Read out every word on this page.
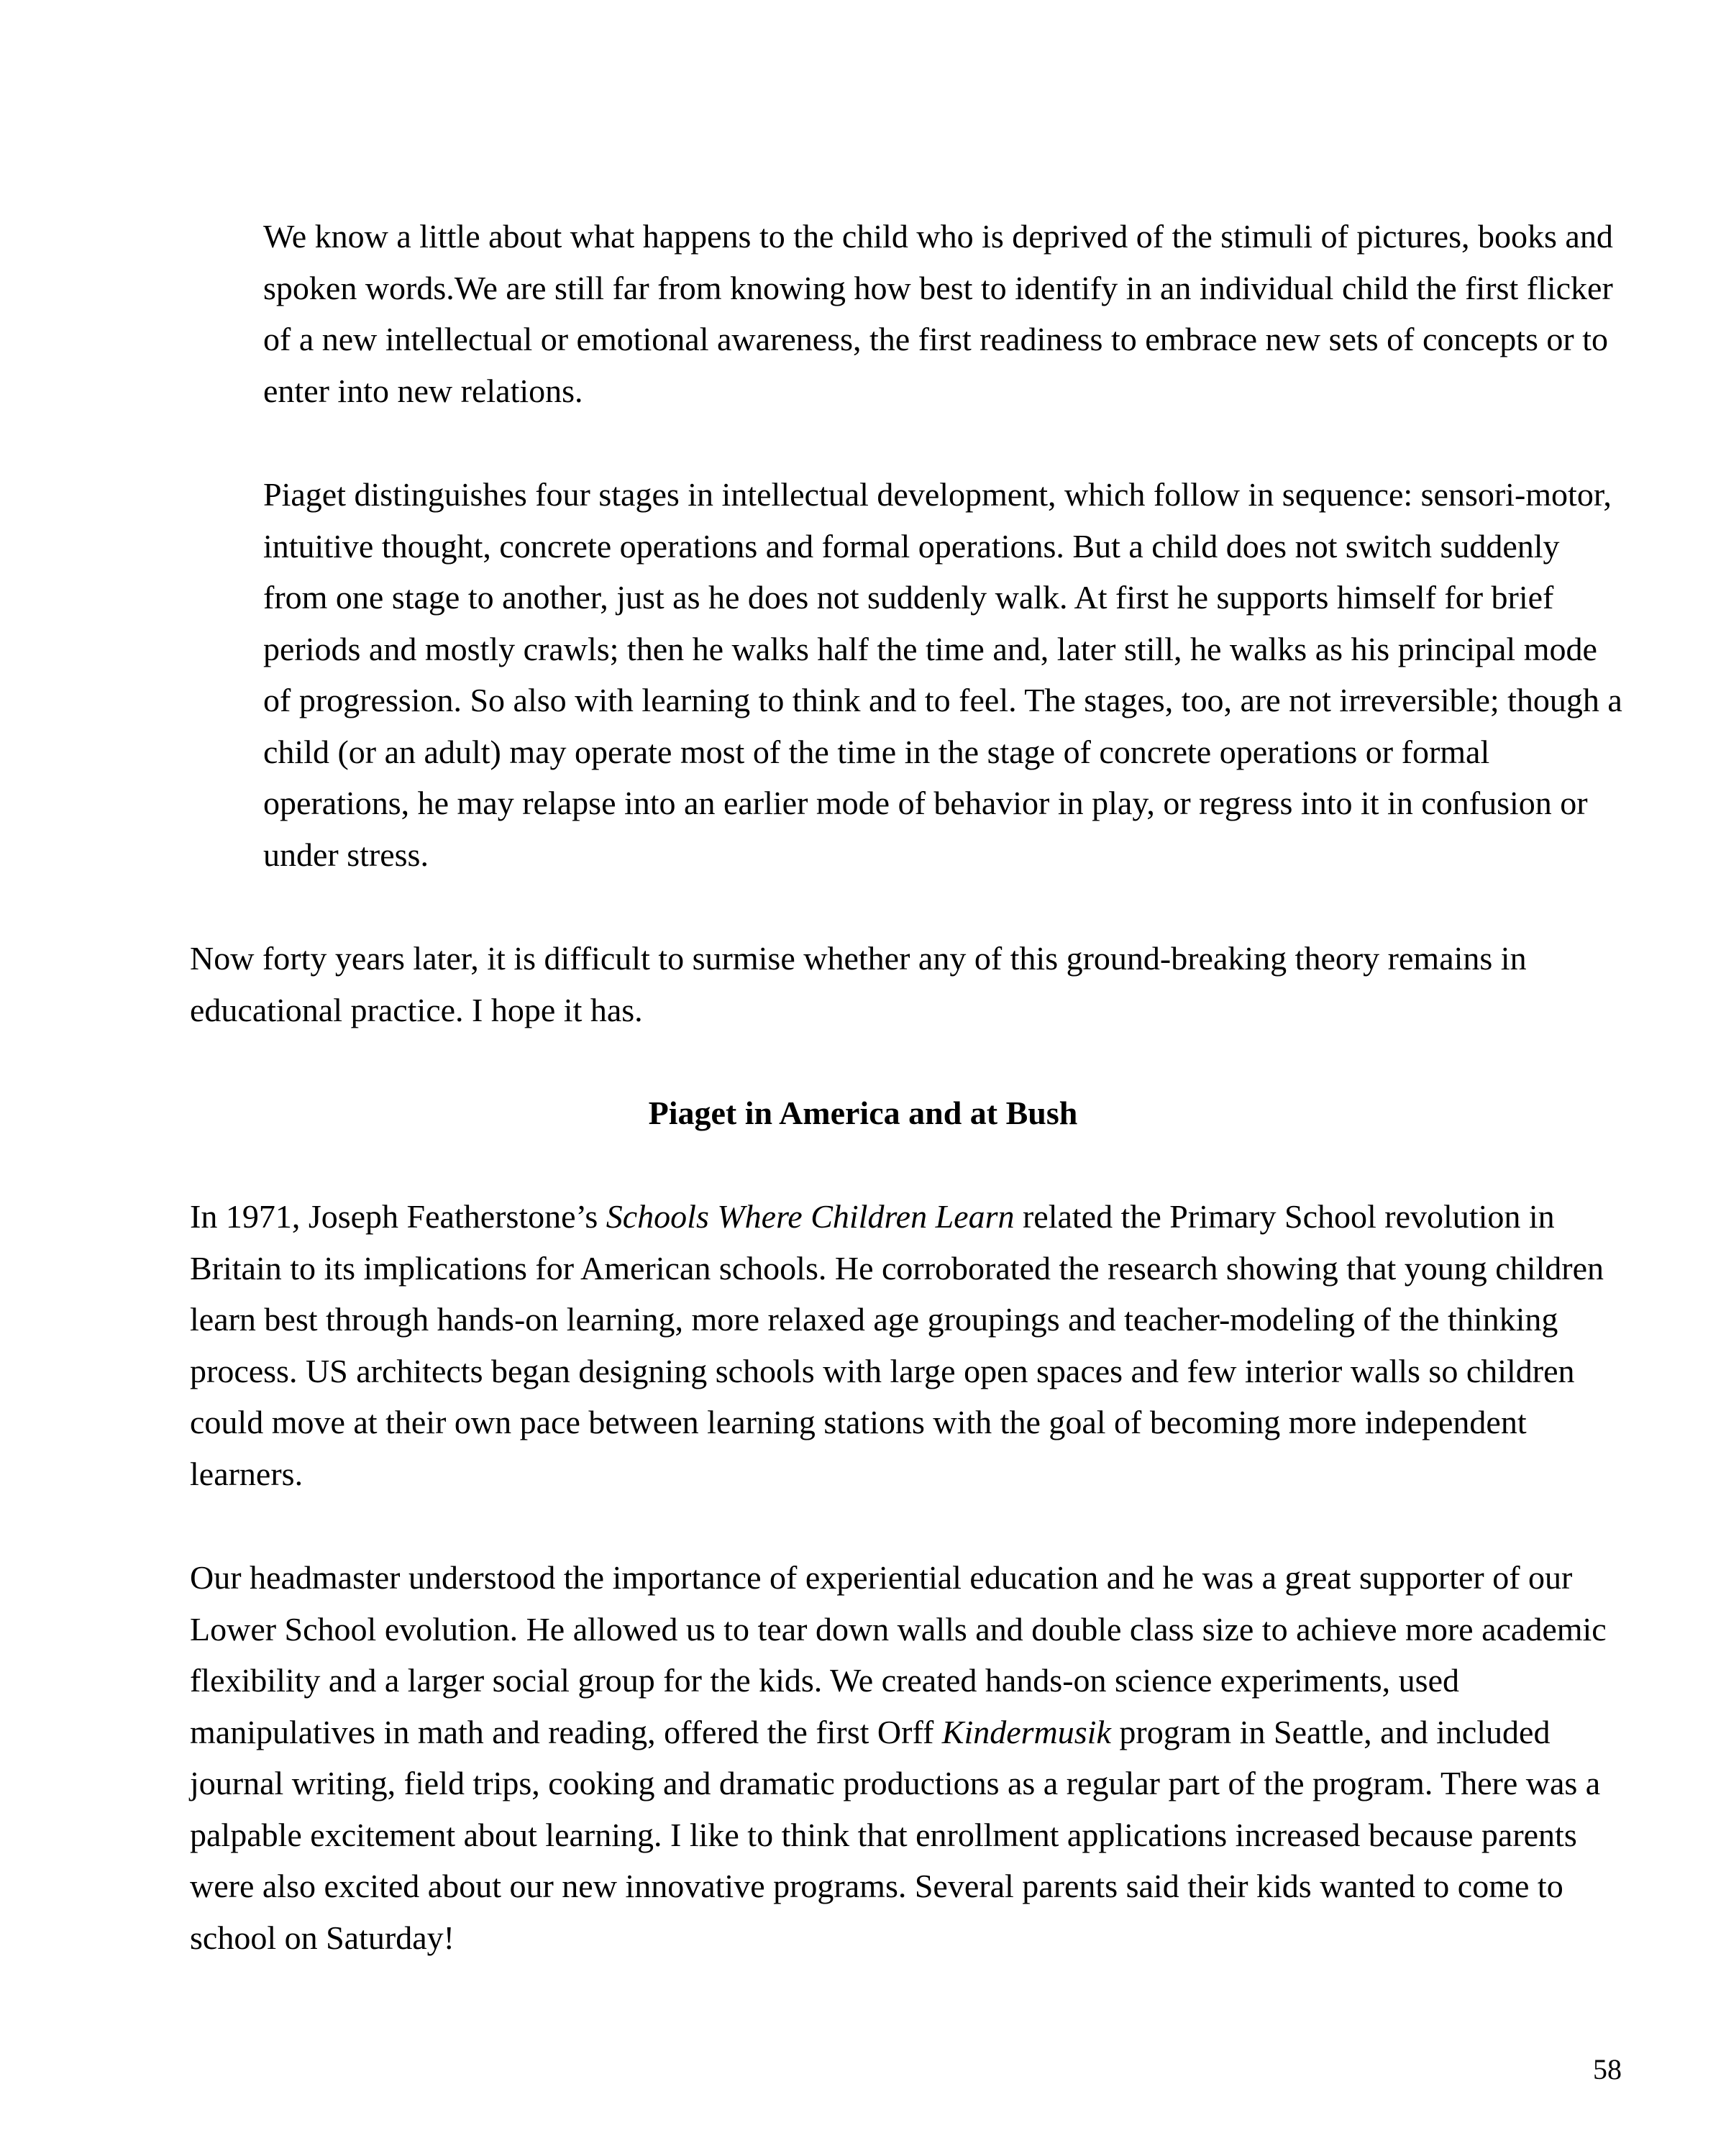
We know a little about what happens to the child who is deprived of the stimuli of pictures, books and spoken words.We are still far from knowing how best to identify in an individual child the first flicker of a new intellectual or emotional awareness, the first readiness to embrace new sets of concepts or to enter into new relations.

Piaget distinguishes four stages in intellectual development, which follow in sequence: sensori-motor, intuitive thought, concrete operations and formal operations. But a child does not switch suddenly from one stage to another, just as he does not suddenly walk. At first he supports himself for brief periods and mostly crawls; then he walks half the time and, later still, he walks as his principal mode of progression. So also with learning to think and to feel. The stages, too, are not irreversible; though a child (or an adult) may operate most of the time in the stage of concrete operations or formal operations, he may relapse into an earlier mode of behavior in play, or regress into it in confusion or under stress.

Now forty years later, it is difficult to surmise whether any of this ground-breaking theory remains in educational practice. I hope it has.

Piaget in America and at Bush

In 1971, Joseph Featherstone’s Schools Where Children Learn related the Primary School revolution in Britain to its implications for American schools. He corroborated the research showing that young children learn best through hands-on learning, more relaxed age groupings and teacher-modeling of the thinking process. US architects began designing schools with large open spaces and few interior walls so children could move at their own pace between learning stations with the goal of becoming more independent learners.

Our headmaster understood the importance of experiential education and he was a great supporter of our Lower School evolution. He allowed us to tear down walls and double class size to achieve more academic flexibility and a larger social group for the kids. We created hands-on science experiments, used manipulatives in math and reading, offered the first Orff Kindermusik program in Seattle, and included journal writing, field trips, cooking and dramatic productions as a regular part of the program. There was a palpable excitement about learning. I like to think that enrollment applications increased because parents were also excited about our new innovative programs. Several parents said their kids wanted to come to school on Saturday!

58
